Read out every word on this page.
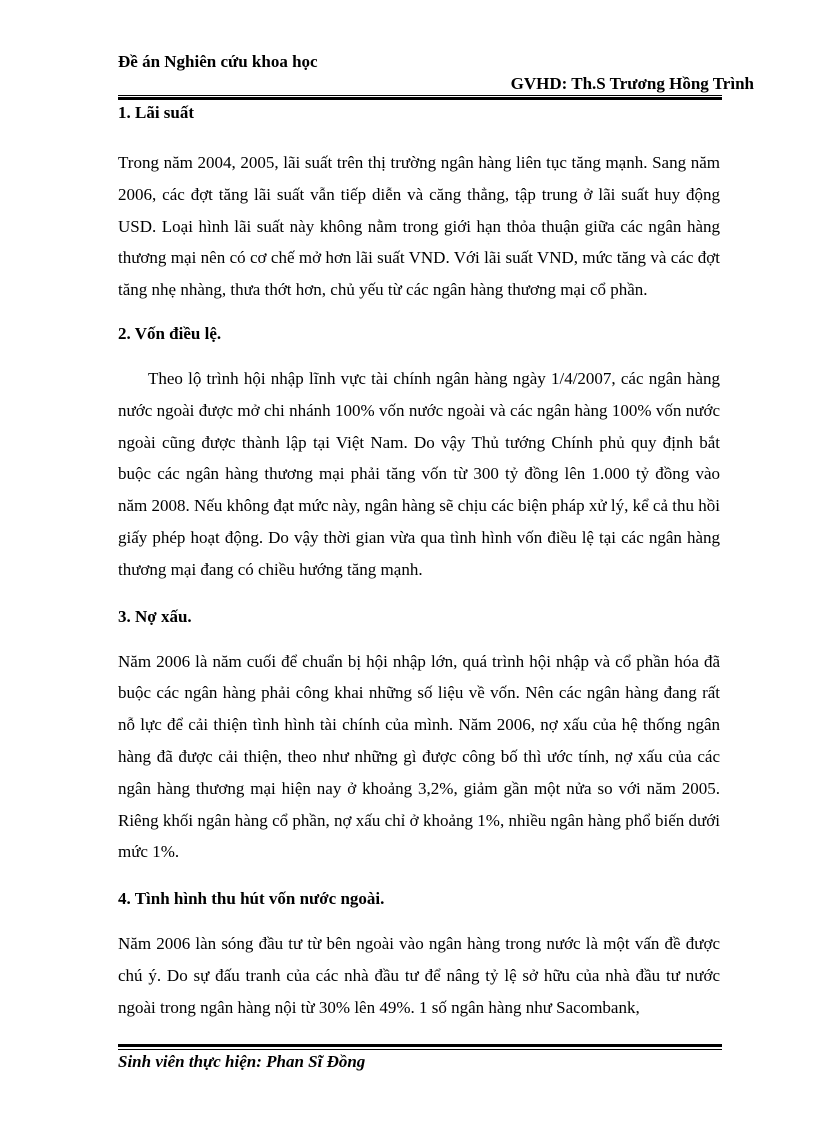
Đề án Nghiên cứu khoa học
GVHD: Th.S Trương Hồng Trình

1. Lãi suất

Trong năm 2004, 2005, lãi suất trên thị trường ngân hàng liên tục tăng mạnh. Sang năm 2006, các đợt tăng lãi suất vẫn tiếp diễn và căng thẳng, tập trung ở lãi suất huy động USD. Loại hình lãi suất này không nằm trong giới hạn thỏa thuận giữa các ngân hàng thương mại nên có cơ chế mở hơn lãi suất VND. Với lãi suất VND, mức tăng và các đợt tăng nhẹ nhàng, thưa thớt hơn, chủ yếu từ các ngân hàng thương mại cổ phần.

2. Vốn điều lệ.

Theo lộ trình hội nhập lĩnh vực tài chính ngân hàng ngày 1/4/2007, các ngân hàng nước ngoài được mở chi nhánh 100% vốn nước ngoài và các ngân hàng 100% vốn nước ngoài cũng được thành lập tại Việt Nam. Do vậy Thủ tướng Chính phủ quy định bắt buộc các ngân hàng thương mại phải tăng vốn từ 300 tỷ đồng lên 1.000 tỷ đồng vào năm 2008. Nếu không đạt mức này, ngân hàng sẽ chịu các biện pháp xử lý, kể cả thu hồi giấy phép hoạt động. Do vậy thời gian vừa qua tình hình vốn điều lệ tại các ngân hàng thương mại đang có chiều hướng tăng mạnh.

3. Nợ xấu.

Năm 2006 là năm cuối để chuẩn bị hội nhập lớn, quá trình hội nhập và cổ phần hóa đã buộc các ngân hàng phải công khai những số liệu về vốn. Nên các ngân hàng đang rất nỗ lực để cải thiện tình hình tài chính của mình. Năm 2006, nợ xấu của hệ thống ngân hàng đã được cải thiện, theo như những gì được công bố thì ước tính, nợ xấu của các ngân hàng thương mại hiện nay ở khoảng 3,2%, giảm gần một nửa so với năm 2005. Riêng khối ngân hàng cổ phần, nợ xấu chỉ ở khoảng 1%, nhiều ngân hàng phổ biến dưới mức 1%.

4. Tình hình thu hút vốn nước ngoài.

Năm 2006 làn sóng đầu tư từ bên ngoài vào ngân hàng trong nước là một vấn đề được chú ý. Do sự đấu tranh của các nhà đầu tư để nâng tỷ lệ sở hữu của nhà đầu tư nước ngoài trong ngân hàng nội từ 30% lên 49%. 1 số ngân hàng như Sacombank,

Sinh viên thực hiện: Phan Sĩ Đồng
